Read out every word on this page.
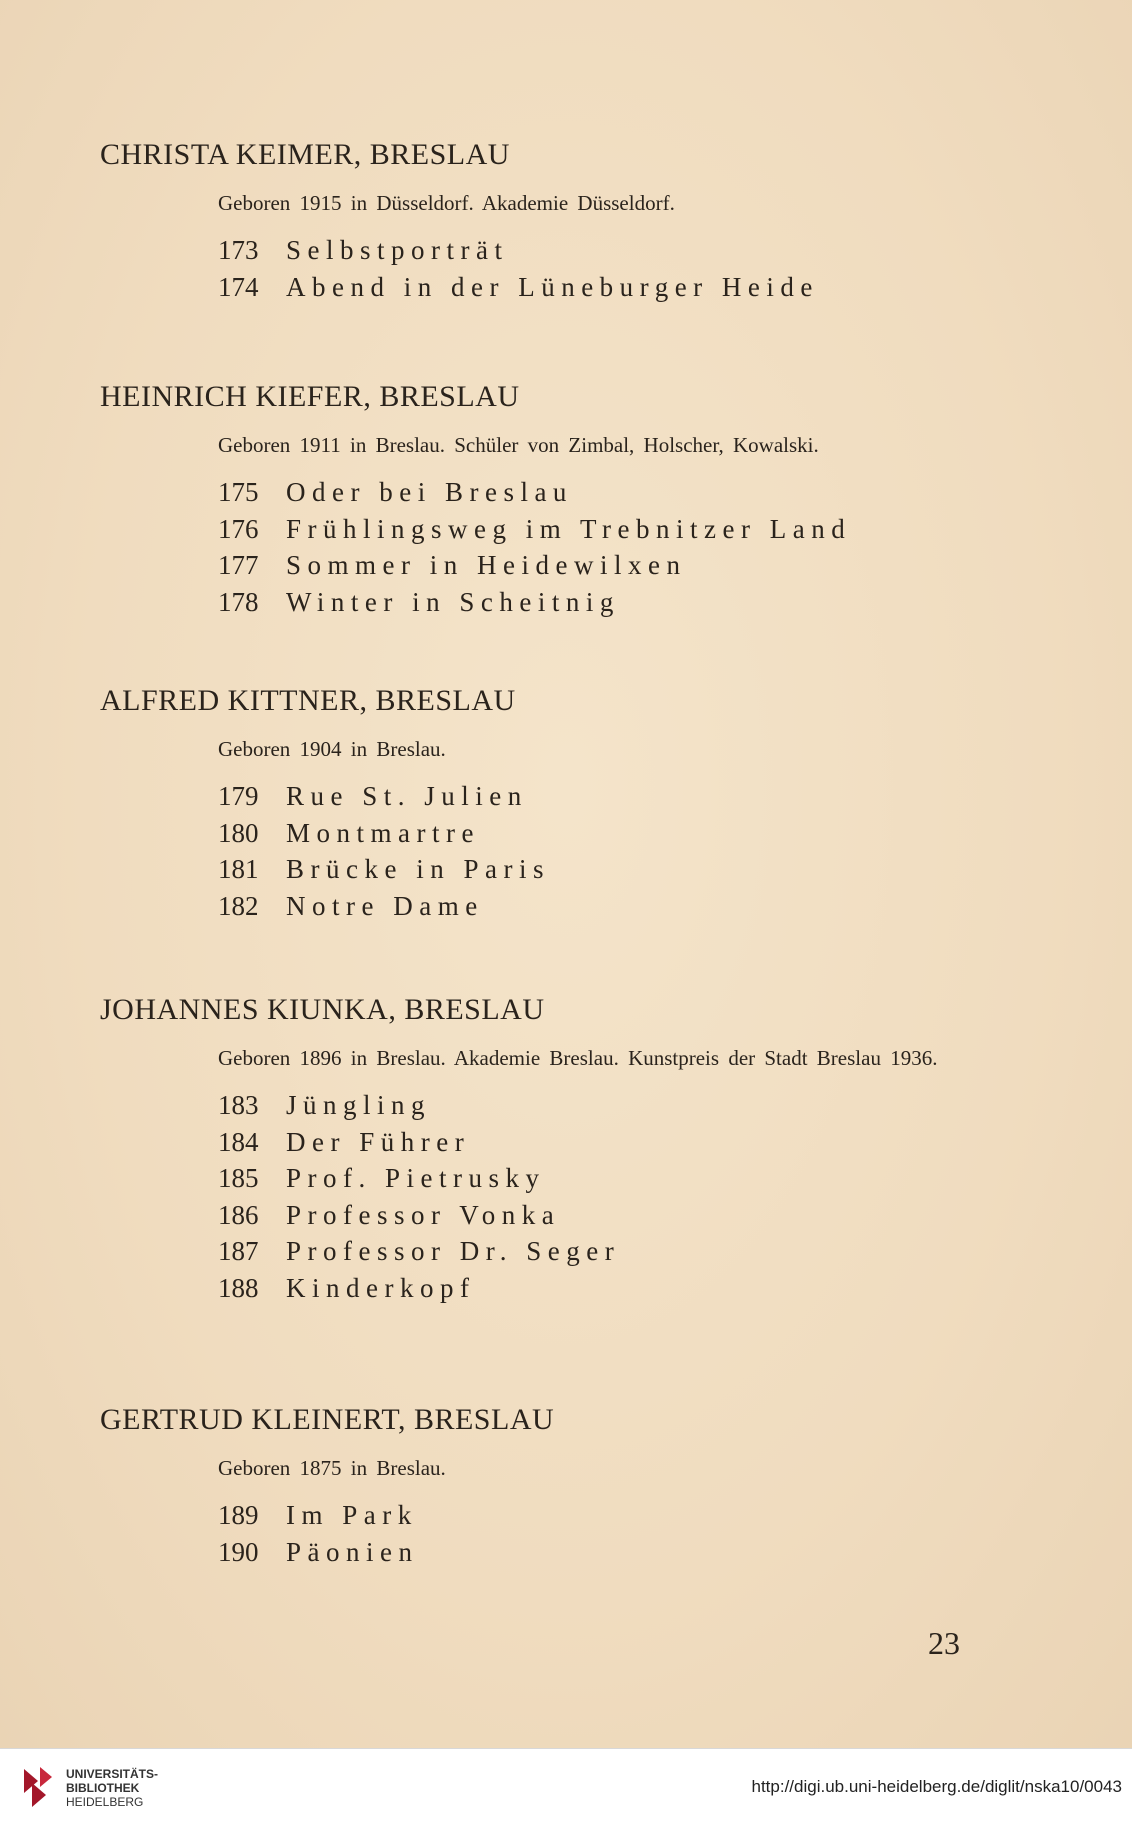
CHRISTA KEIMER, BRESLAU

Geboren 1915 in Düsseldorf. Akademie Düsseldorf.

173 Selbstporträt
174 Abend in der Lüneburger Heide
HEINRICH KIEFER, BRESLAU

Geboren 1911 in Breslau. Schüler von Zimbal, Holscher, Kowalski.

175 Oder bei Breslau
176 Frühlingsweg im Trebnitzer Land
177 Sommer in Heidewilxen
178 Winter in Scheitnig
ALFRED KITTNER, BRESLAU

Geboren 1904 in Breslau.

179 Rue St. Julien
180 Montmartre
181 Brücke in Paris
182 Notre Dame
JOHANNES KIUNKA, BRESLAU

Geboren 1896 in Breslau. Akademie Breslau. Kunstpreis der Stadt Breslau 1936.

183 Jüngling
184 Der Führer
185 Prof. Pietrusky
186 Professor Vonka
187 Professor Dr. Seger
188 Kinderkopf
GERTRUD KLEINERT, BRESLAU

Geboren 1875 in Breslau.

189 Im Park
190 Päonien

23

UNIVERSITÄTS-
BIBLIOTHEK
HEIDELBERG
http://digi.ub.uni-heidelberg.de/diglit/nska10/0043
